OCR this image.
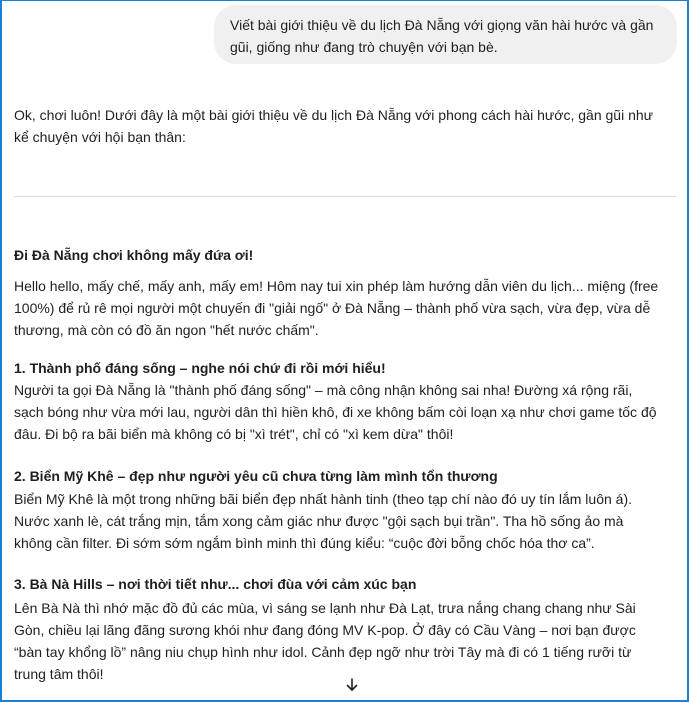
Viết bài giới thiệu về du lịch Đà Nẵng với giọng văn hài hước và gần gũi, giống như đang trò chuyện với bạn bè.

Ok, chơi luôn! Dưới đây là một bài giới thiệu về du lịch Đà Nẵng với phong cách hài hước, gần gũi như kể chuyện với hội bạn thân:

Đi Đà Nẵng chơi không mấy đứa ơi!

Hello hello, mấy chế, mấy anh, mấy em! Hôm nay tui xin phép làm hướng dẫn viên du lịch... miệng (free 100%) để rủ rê mọi người một chuyến đi "giải ngố" ở Đà Nẵng – thành phố vừa sạch, vừa đẹp, vừa dễ thương, mà còn có đồ ăn ngon "hết nước chấm".

1. Thành phố đáng sống – nghe nói chứ đi rồi mới hiểu!

Người ta gọi Đà Nẵng là "thành phố đáng sống" – mà công nhận không sai nha! Đường xá rộng rãi, sạch bóng như vừa mới lau, người dân thì hiền khô, đi xe không bấm còi loạn xạ như chơi game tốc độ đâu. Đi bộ ra bãi biển mà không có bị "xì trét", chỉ có "xì kem dừa" thôi!

2. Biển Mỹ Khê – đẹp như người yêu cũ chưa từng làm mình tổn thương

Biển Mỹ Khê là một trong những bãi biển đẹp nhất hành tinh (theo tạp chí nào đó uy tín lắm luôn á). Nước xanh lè, cát trắng mịn, tắm xong cảm giác như được "gội sạch bụi trần". Tha hồ sống ảo mà không cần filter. Đi sớm sớm ngắm bình minh thì đúng kiểu: “cuộc đời bỗng chốc hóa thơ ca”.

3. Bà Nà Hills – nơi thời tiết như... chơi đùa với cảm xúc bạn

Lên Bà Nà thì nhớ mặc đồ đủ các mùa, vì sáng se lạnh như Đà Lạt, trưa nắng chang chang như Sài Gòn, chiều lại lãng đãng sương khói như đang đóng MV K-pop. Ở đây có Cầu Vàng – nơi bạn được “bàn tay khổng lồ” nâng niu chụp hình như idol. Cảnh đẹp ngỡ như trời Tây mà đi có 1 tiếng rưỡi từ trung tâm thôi!
